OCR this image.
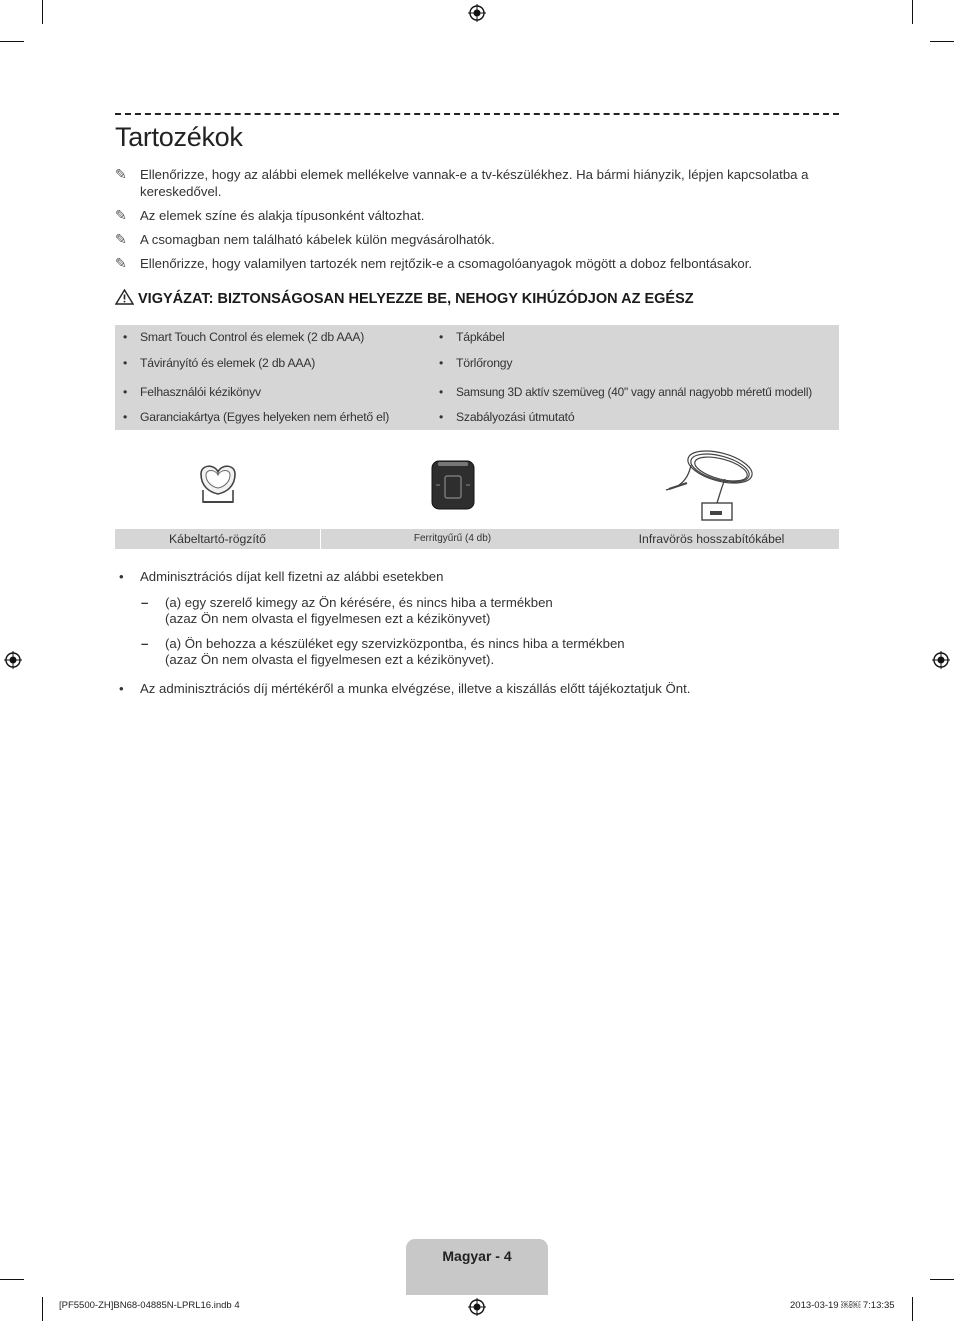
Tartozékok
✎ Ellenőrizze, hogy az alábbi elemek mellékelve vannak-e a tv-készülékhez. Ha bármi hiányzik, lépjen kapcsolatba a kereskedővel.
✎ Az elemek színe és alakja típusonként változhat.
✎ A csomagban nem található kábelek külön megvásárolhatók.
✎ Ellenőrizze, hogy valamilyen tartozék nem rejtőzik-e a csomagolóanyagok mögött a doboz felbontásakor.
VIGYÁZAT: BIZTONSÁGOSAN HELYEZZE BE, NEHOGY KIHÚZÓDJON AZ EGÉSZ
• Smart Touch Control és elemek (2 db AAA)
• Távirányító és elemek (2 db AAA)
• Felhasználói kézikönyv
• Garanciakártya (Egyes helyeken nem érhető el)
• Tápkábel
• Törlőrongy
• Samsung 3D aktív szemüveg (40" vagy annál nagyobb méretű modell)
• Szabályozási útmutató
Kábeltartó-rögzítő	Ferritgyűrű (4 db)	Infravörös hosszabítókábel
• Adminisztrációs díjat kell fizetni az alábbi esetekben
– (a) egy szerelő kimegy az Ön kérésére, és nincs hiba a termékben
(azaz Ön nem olvasta el figyelmesen ezt a kézikönyvet)
– (a) Ön behozza a készüléket egy szervizközpontba, és nincs hiba a termékben
(azaz Ön nem olvasta el figyelmesen ezt a kézikönyvet).
• Az adminisztrációs díj mértékéről a munka elvégzése, illetve a kiszállás előtt tájékoztatjuk Önt.
Magyar - 4
[PF5500-ZH]BN68-04885N-LPRL16.indb 4	2013-03-19 ￼￼ 7:13:35
